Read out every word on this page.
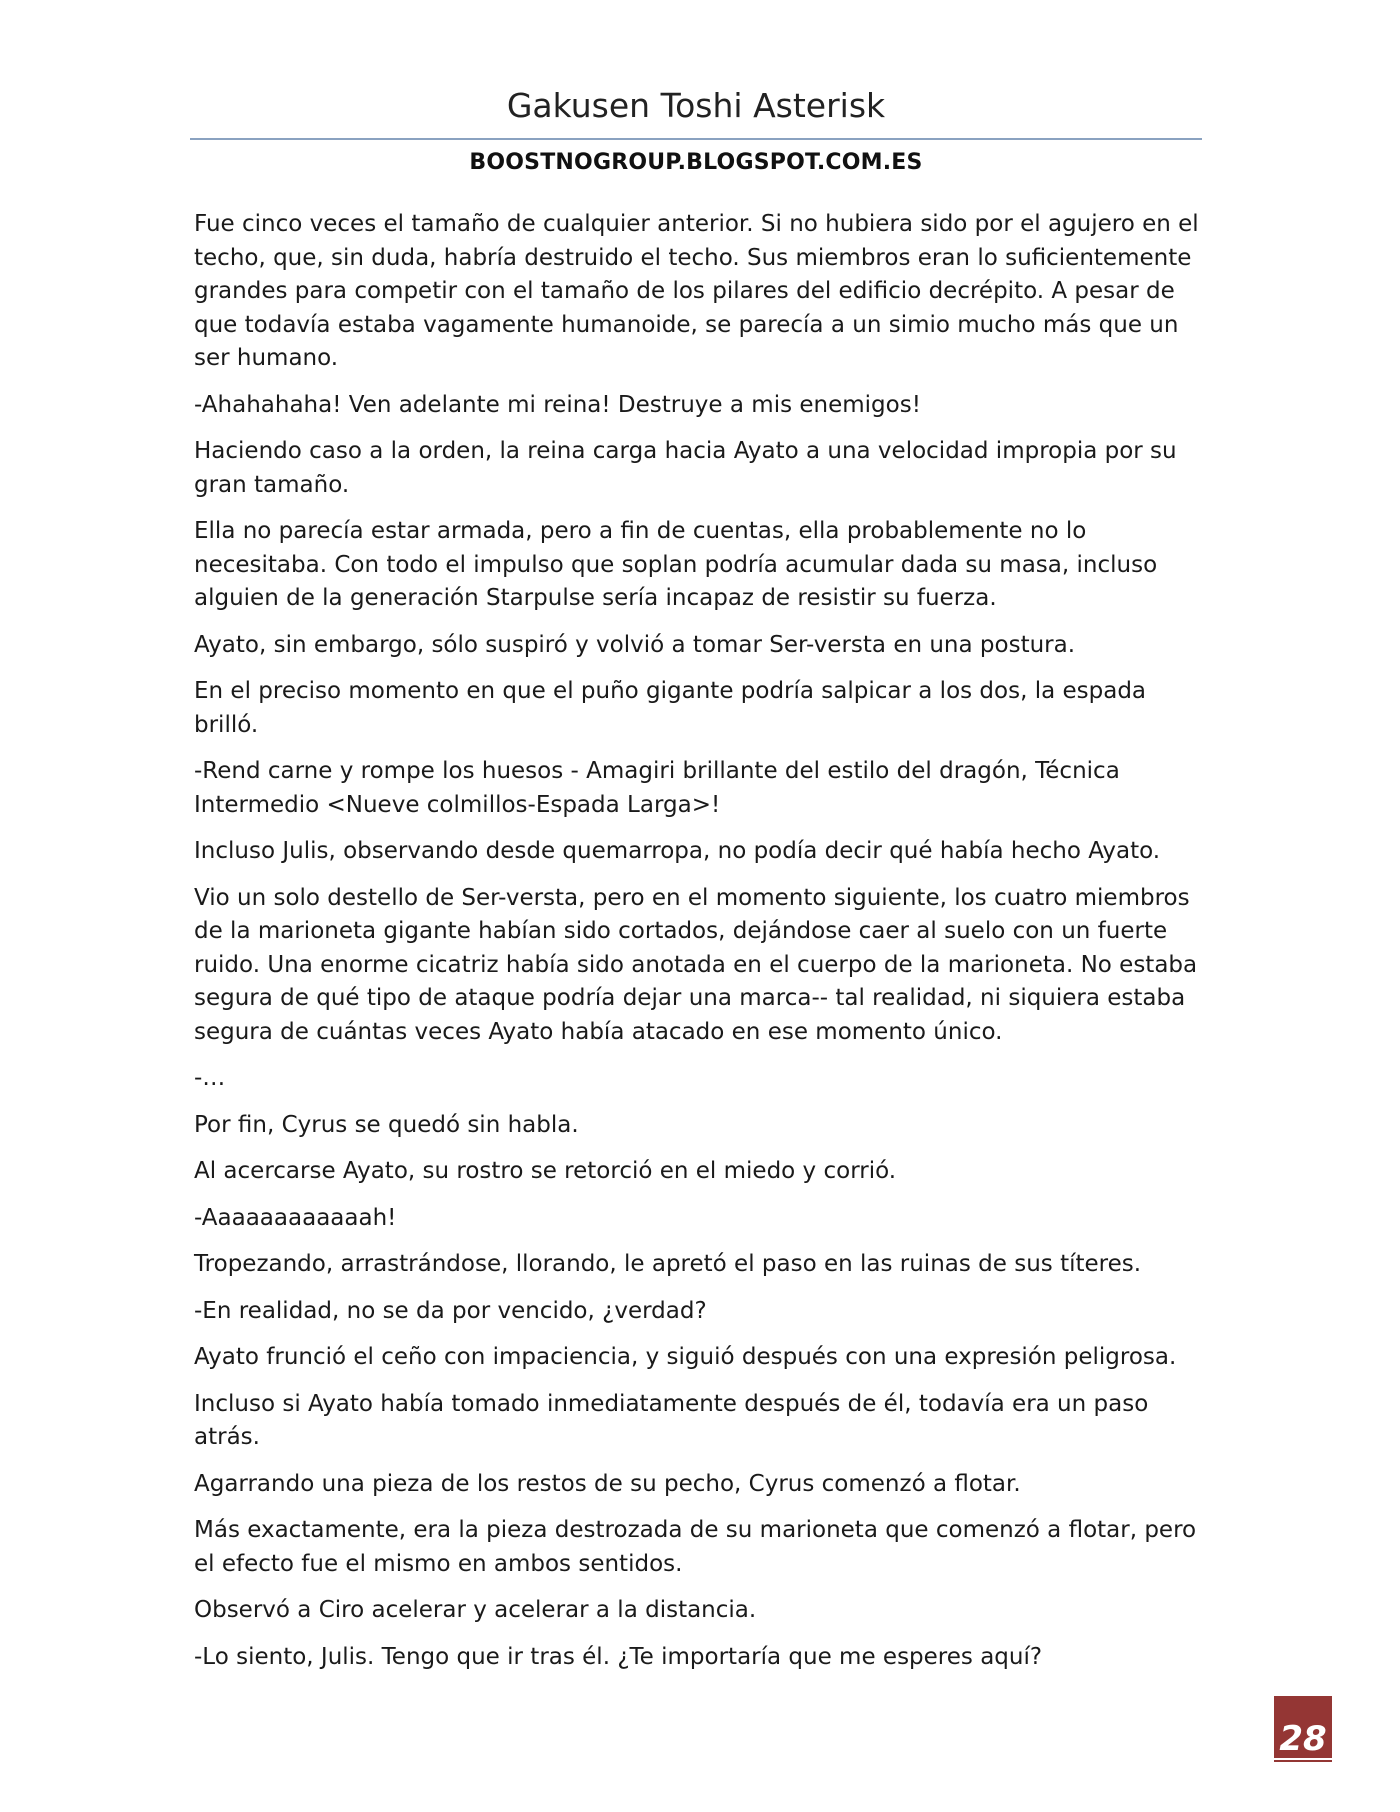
Gakusen Toshi Asterisk
BOOSTNOGROUP.BLOGSPOT.COM.ES

Fue cinco veces el tamaño de cualquier anterior. Si no hubiera sido por el agujero en el techo, que, sin duda, habría destruido el techo. Sus miembros eran lo suficientemente grandes para competir con el tamaño de los pilares del edificio decrépito. A pesar de que todavía estaba vagamente humanoide, se parecía a un simio mucho más que un ser humano.

-Ahahahaha! Ven adelante mi reina! Destruye a mis enemigos!

Haciendo caso a la orden, la reina carga hacia Ayato a una velocidad impropia por su gran tamaño.

Ella no parecía estar armada, pero a fin de cuentas, ella probablemente no lo necesitaba. Con todo el impulso que soplan podría acumular dada su masa, incluso alguien de la generación Starpulse sería incapaz de resistir su fuerza.

Ayato, sin embargo, sólo suspiró y volvió a tomar Ser-versta en una postura.

En el preciso momento en que el puño gigante podría salpicar a los dos, la espada brilló.

-Rend carne y rompe los huesos - Amagiri brillante del estilo del dragón, Técnica Intermedio <Nueve colmillos-Espada Larga>!

Incluso Julis, observando desde quemarropa, no podía decir qué había hecho Ayato.

Vio un solo destello de Ser-versta, pero en el momento siguiente, los cuatro miembros de la marioneta gigante habían sido cortados, dejándose caer al suelo con un fuerte ruido. Una enorme cicatriz había sido anotada en el cuerpo de la marioneta. No estaba segura de qué tipo de ataque podría dejar una marca-- tal realidad, ni siquiera estaba segura de cuántas veces Ayato había atacado en ese momento único.

-…

Por fin, Cyrus se quedó sin habla.

Al acercarse Ayato, su rostro se retorció en el miedo y corrió.

-Aaaaaaaaaaaah!

Tropezando, arrastrándose, llorando, le apretó el paso en las ruinas de sus títeres.

-En realidad, no se da por vencido, ¿verdad?

Ayato frunció el ceño con impaciencia, y siguió después con una expresión peligrosa.

Incluso si Ayato había tomado inmediatamente después de él, todavía era un paso atrás.

Agarrando una pieza de los restos de su pecho, Cyrus comenzó a flotar.

Más exactamente, era la pieza destrozada de su marioneta que comenzó a flotar, pero el efecto fue el mismo en ambos sentidos.

Observó a Ciro acelerar y acelerar a la distancia.

-Lo siento, Julis. Tengo que ir tras él. ¿Te importaría que me esperes aquí?

28
